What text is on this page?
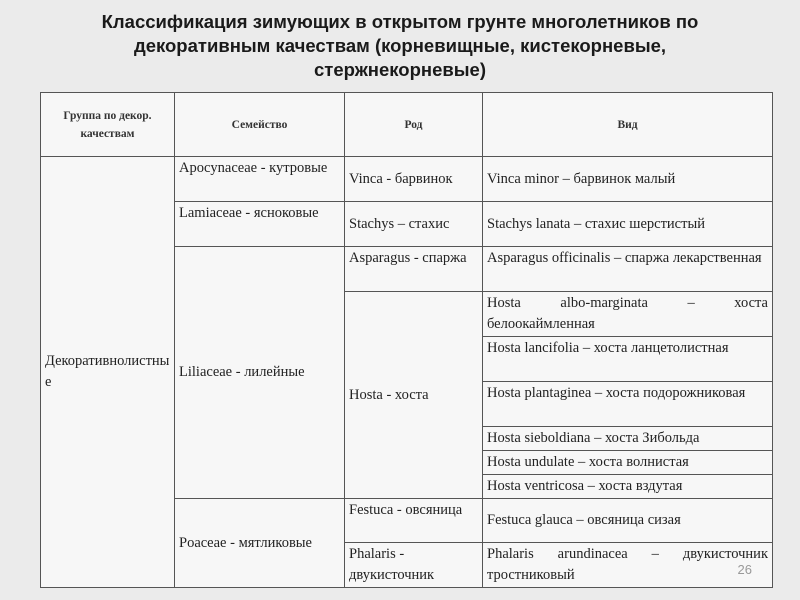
Классификация зимующих в открытом грунте многолетников по
декоративным качествам (корневищные, кистекорневые,
стержнекорневые)
Группа по декор. качествам	Семейство	Род	Вид
Декоративнолистные	Apocynaceae - кутровые	Vinca - барвинок	Vinca minor – барвинок малый
	Lamiaceae - ясноковые	Stachys – стахис	Stachys lanata – стахис шерстистый
	Liliaceae - лилейные	Asparagus - спаржа	Asparagus officinalis – спаржа лекарственная
		Hosta - хоста	Hosta albo-marginata – хоста белоокаймленная
			Hosta lancifolia – хоста ланцетолистная
			Hosta plantaginea – хоста подорожниковая
			Hosta sieboldiana – хоста Зибольда
			Hosta undulate – хоста волнистая
			Hosta ventricosa – хоста вздутая
	Poaceae - мятликовые	Festuca - овсяница	Festuca glauca – овсяница сизая
		Phalaris - двукисточник	Phalaris arundinacea – двукисточник тростниковый	26
